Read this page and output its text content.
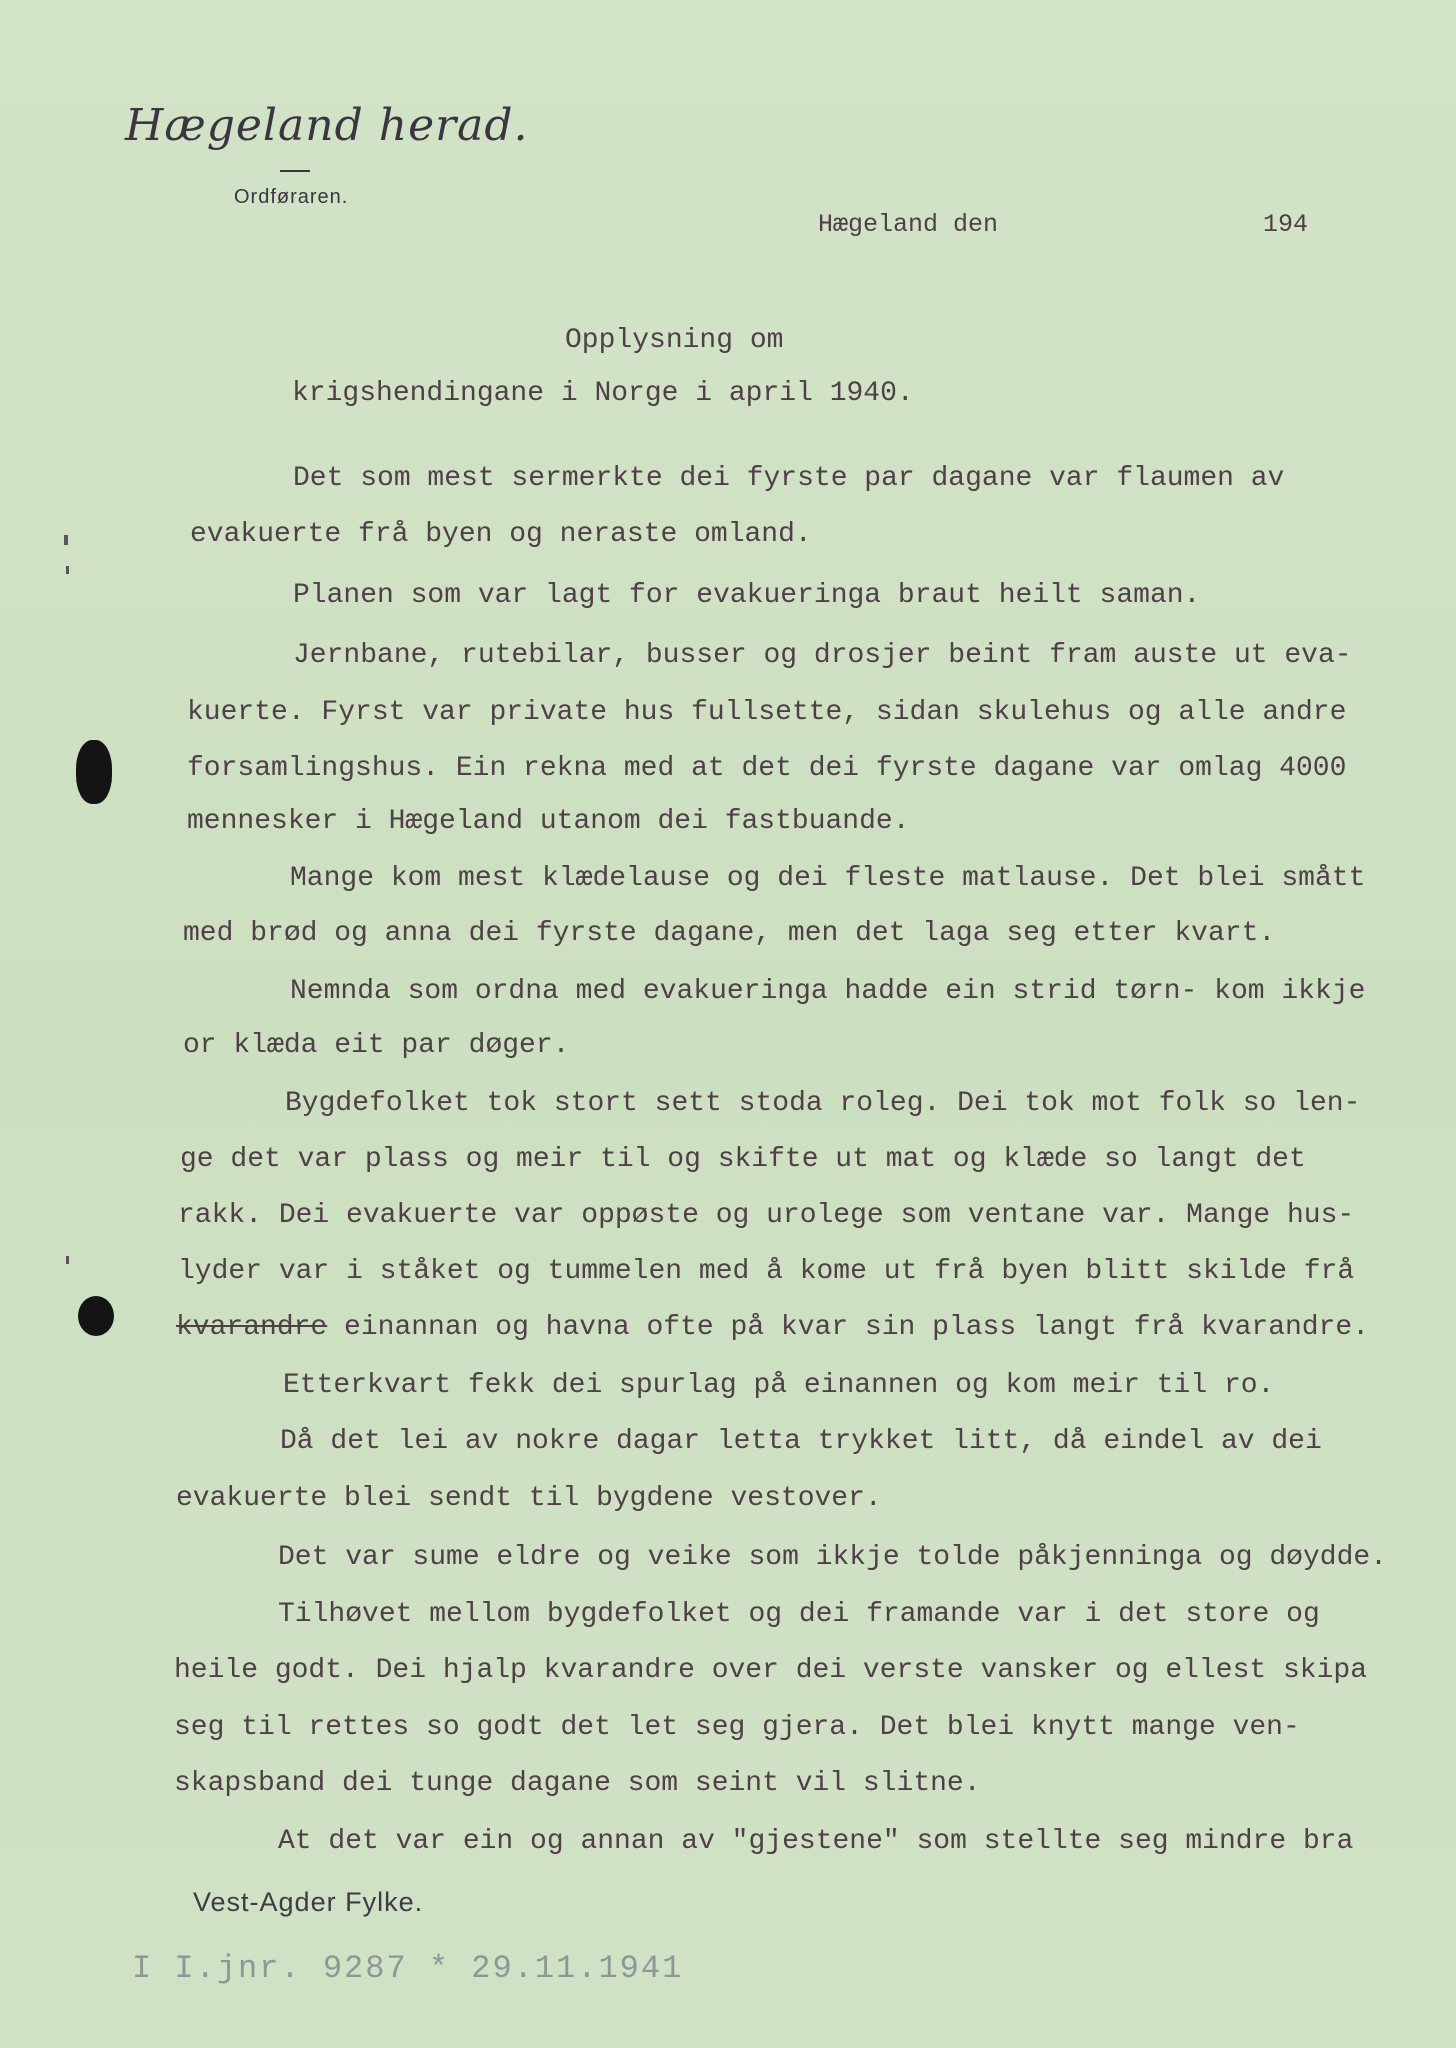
Hægeland herad.
Ordføraren.
Hægeland den	194
Opplysning om
krigshendingane i Norge i april 1940.
Det som mest sermerkte dei fyrste par dagane var flaumen av
evakuerte frå byen og neraste omland.
Planen som var lagt for evakueringa braut heilt saman.
Jernbane, rutebilar, busser og drosjer beint fram auste ut eva-
kuerte. Fyrst var private hus fullsette, sidan skulehus og alle andre
forsamlingshus. Ein rekna med at det dei fyrste dagane var omlag 4000
mennesker i Hægeland utanom dei fastbuande.
Mange kom mest klædelause og dei fleste matlause. Det blei smått
med brød og anna dei fyrste dagane, men det laga seg etter kvart.
Nemnda som ordna med evakueringa hadde ein strid tørn- kom ikkje
or klæda eit par døger.
Bygdefolket tok stort sett stoda roleg. Dei tok mot folk so len-
ge det var plass og meir til og skifte ut mat og klæde so langt det
rakk. Dei evakuerte var oppøste og urolege som ventane var. Mange hus-
lyder var i ståket og tummelen med å kome ut frå byen blitt skilde frå
kvarandre einannan og havna ofte på kvar sin plass langt frå kvarandre.
Etterkvart fekk dei spurlag på einannen og kom meir til ro.
Då det lei av nokre dagar letta trykket litt, då eindel av dei
evakuerte blei sendt til bygdene vestover.
Det var sume eldre og veike som ikkje tolde påkjenninga og døydde.
Tilhøvet mellom bygdefolket og dei framande var i det store og
heile godt. Dei hjalp kvarandre over dei verste vansker og ellest skipa
seg til rettes so godt det let seg gjera. Det blei knytt mange ven-
skapsband dei tunge dagane som seint vil slitne.
At det var ein og annan av "gjestene" som stellte seg mindre bra
Vest-Agder Fylke.
I I.jnr. 9287 * 29.11.1941
